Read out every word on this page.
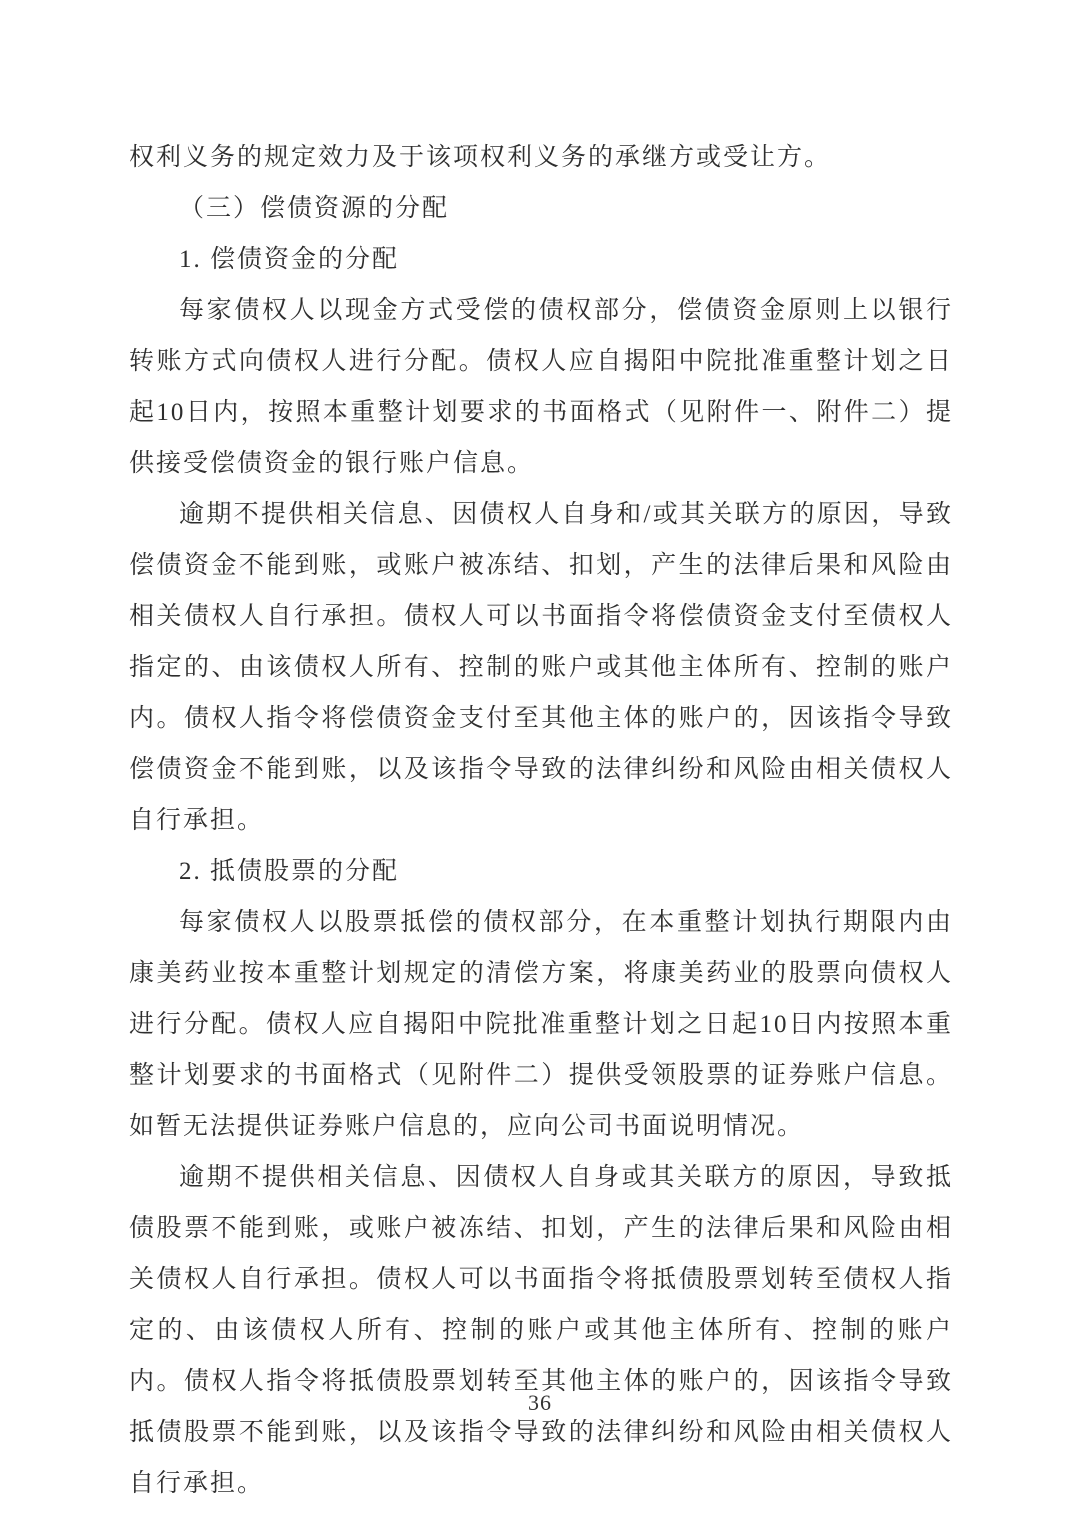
权利义务的规定效力及于该项权利义务的承继方或受让方。

（三）偿债资源的分配

1. 偿债资金的分配

每家债权人以现金方式受偿的债权部分，偿债资金原则上以银行转账方式向债权人进行分配。债权人应自揭阳中院批准重整计划之日起10日内，按照本重整计划要求的书面格式（见附件一、附件二）提供接受偿债资金的银行账户信息。

逾期不提供相关信息、因债权人自身和/或其关联方的原因，导致偿债资金不能到账，或账户被冻结、扣划，产生的法律后果和风险由相关债权人自行承担。债权人可以书面指令将偿债资金支付至债权人指定的、由该债权人所有、控制的账户或其他主体所有、控制的账户内。债权人指令将偿债资金支付至其他主体的账户的，因该指令导致偿债资金不能到账，以及该指令导致的法律纠纷和风险由相关债权人自行承担。

2. 抵债股票的分配

每家债权人以股票抵偿的债权部分，在本重整计划执行期限内由康美药业按本重整计划规定的清偿方案，将康美药业的股票向债权人进行分配。债权人应自揭阳中院批准重整计划之日起10日内按照本重整计划要求的书面格式（见附件二）提供受领股票的证券账户信息。如暂无法提供证券账户信息的，应向公司书面说明情况。

逾期不提供相关信息、因债权人自身或其关联方的原因，导致抵债股票不能到账，或账户被冻结、扣划，产生的法律后果和风险由相关债权人自行承担。债权人可以书面指令将抵债股票划转至债权人指定的、由该债权人所有、控制的账户或其他主体所有、控制的账户内。债权人指令将抵债股票划转至其他主体的账户的，因该指令导致抵债股票不能到账，以及该指令导致的法律纠纷和风险由相关债权人自行承担。

36
